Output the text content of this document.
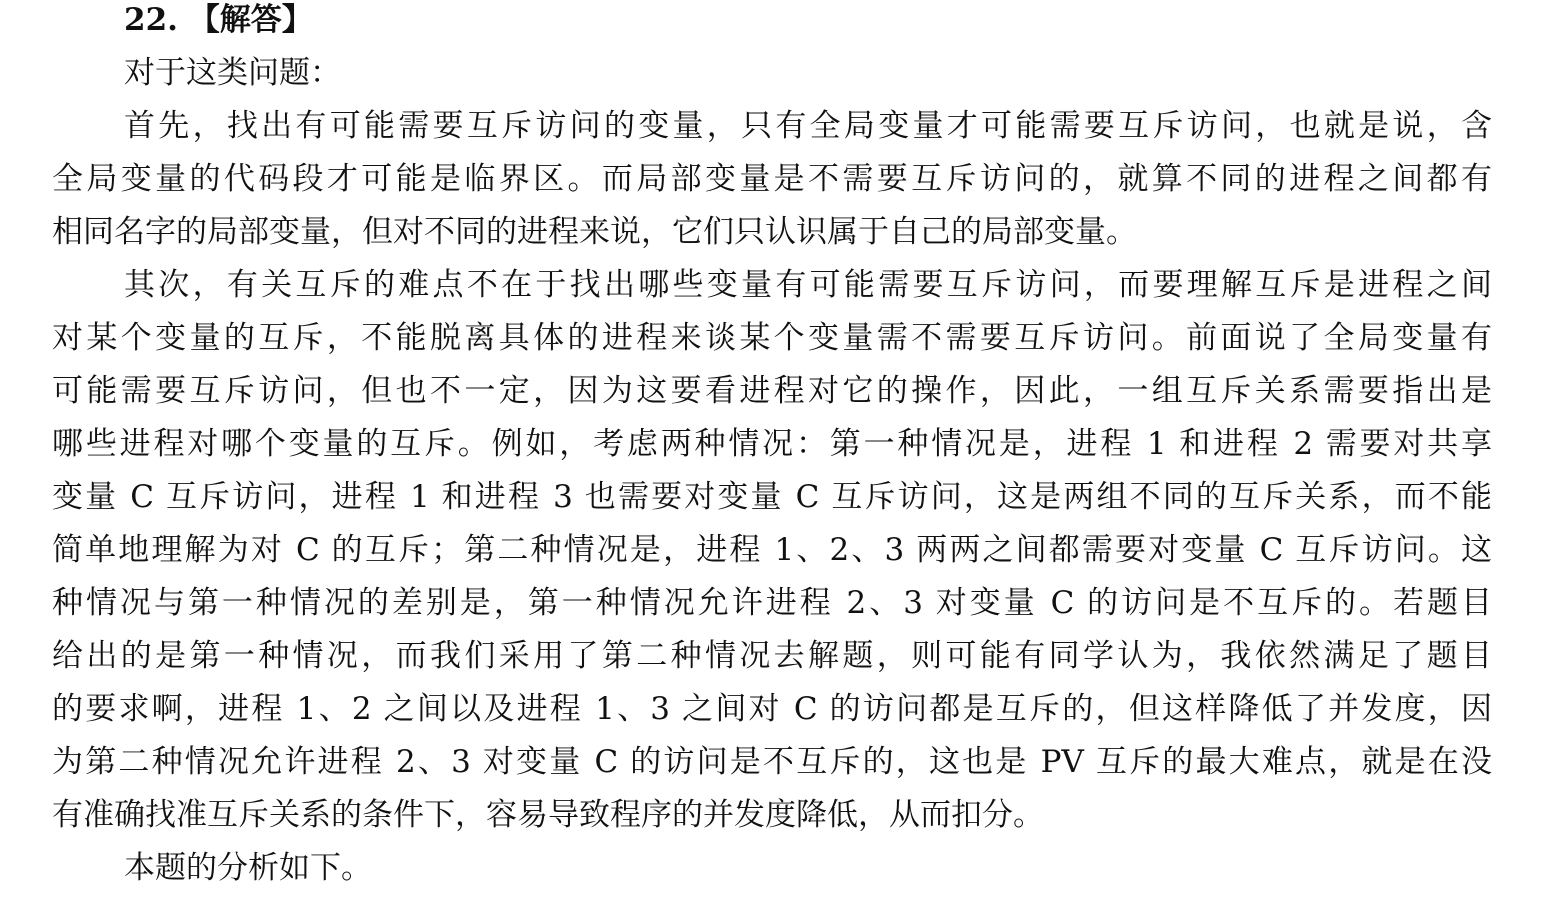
22. 【解答】
对于这类问题：
首先，找出有可能需要互斥访问的变量，只有全局变量才可能需要互斥访问，也就是说，含
全局变量的代码段才可能是临界区。而局部变量是不需要互斥访问的，就算不同的进程之间都有
相同名字的局部变量，但对不同的进程来说，它们只认识属于自己的局部变量。
其次，有关互斥的难点不在于找出哪些变量有可能需要互斥访问，而要理解互斥是进程之间
对某个变量的互斥，不能脱离具体的进程来谈某个变量需不需要互斥访问。前面说了全局变量有
可能需要互斥访问，但也不一定，因为这要看进程对它的操作，因此，一组互斥关系需要指出是
哪些进程对哪个变量的互斥。例如，考虑两种情况：第一种情况是，进程 1 和进程 2 需要对共享
变量 C 互斥访问，进程 1 和进程 3 也需要对变量 C 互斥访问，这是两组不同的互斥关系，而不能
简单地理解为对 C 的互斥；第二种情况是，进程 1、2、3 两两之间都需要对变量 C 互斥访问。这
种情况与第一种情况的差别是，第一种情况允许进程 2、3 对变量 C 的访问是不互斥的。若题目
给出的是第一种情况，而我们采用了第二种情况去解题，则可能有同学认为，我依然满足了题目
的要求啊，进程 1、2 之间以及进程 1、3 之间对 C 的访问都是互斥的，但这样降低了并发度，因
为第二种情况允许进程 2、3 对变量 C 的访问是不互斥的，这也是 PV 互斥的最大难点，就是在没
有准确找准互斥关系的条件下，容易导致程序的并发度降低，从而扣分。
本题的分析如下。
